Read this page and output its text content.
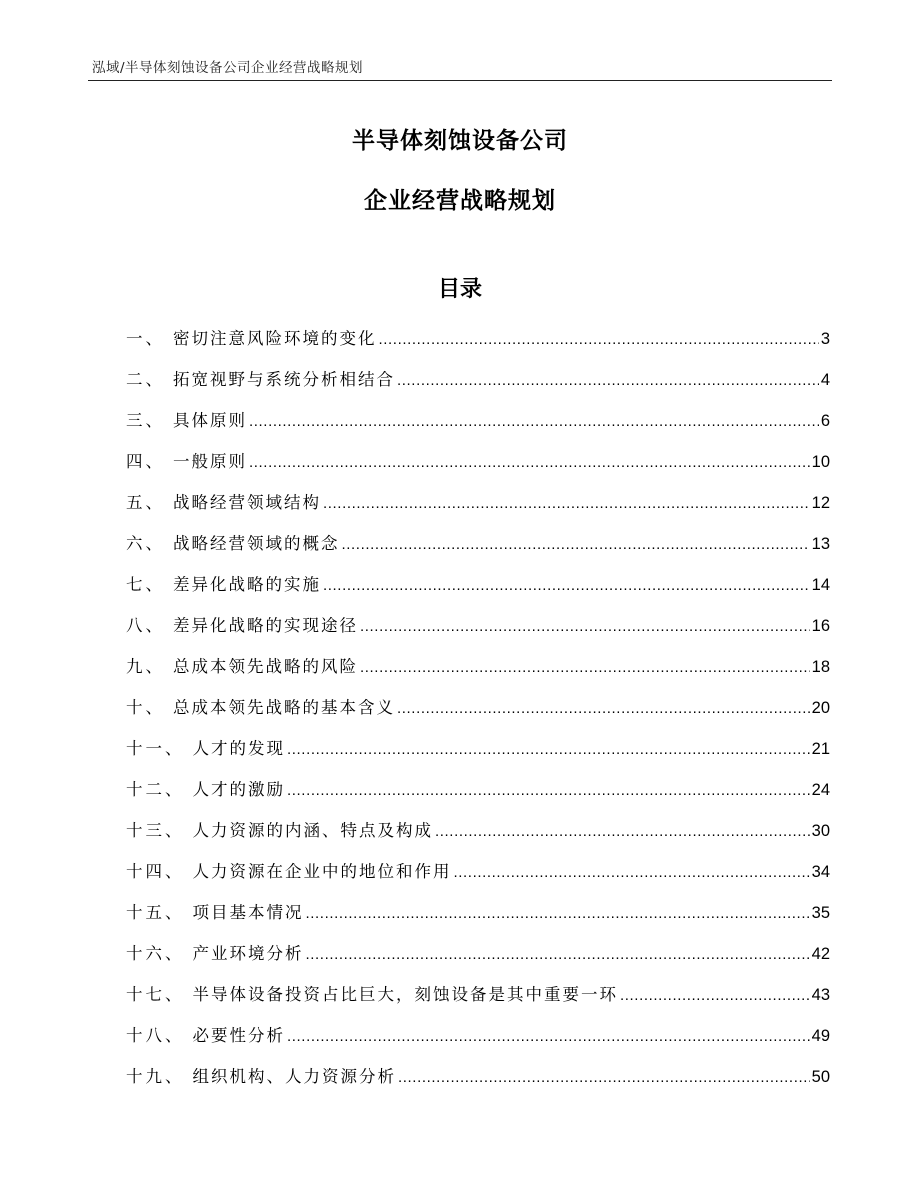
泓域/半导体刻蚀设备公司企业经营战略规划
半导体刻蚀设备公司
企业经营战略规划
目录
一、 密切注意风险环境的变化 .....	3
二、 拓宽视野与系统分析相结合 .....	4
三、 具体原则 .....	6
四、 一般原则 .....	10
五、 战略经营领域结构 .....	12
六、 战略经营领域的概念 .....	13
七、 差异化战略的实施 .....	14
八、 差异化战略的实现途径 .....	16
九、 总成本领先战略的风险 .....	18
十、 总成本领先战略的基本含义 .....	20
十一、 人才的发现 .....	21
十二、 人才的激励 .....	24
十三、 人力资源的内涵、特点及构成 .....	30
十四、 人力资源在企业中的地位和作用 .....	34
十五、 项目基本情况 .....	35
十六、 产业环境分析 .....	42
十七、 半导体设备投资占比巨大，刻蚀设备是其中重要一环 .....	43
十八、 必要性分析 .....	49
十九、 组织机构、人力资源分析 .....	50
